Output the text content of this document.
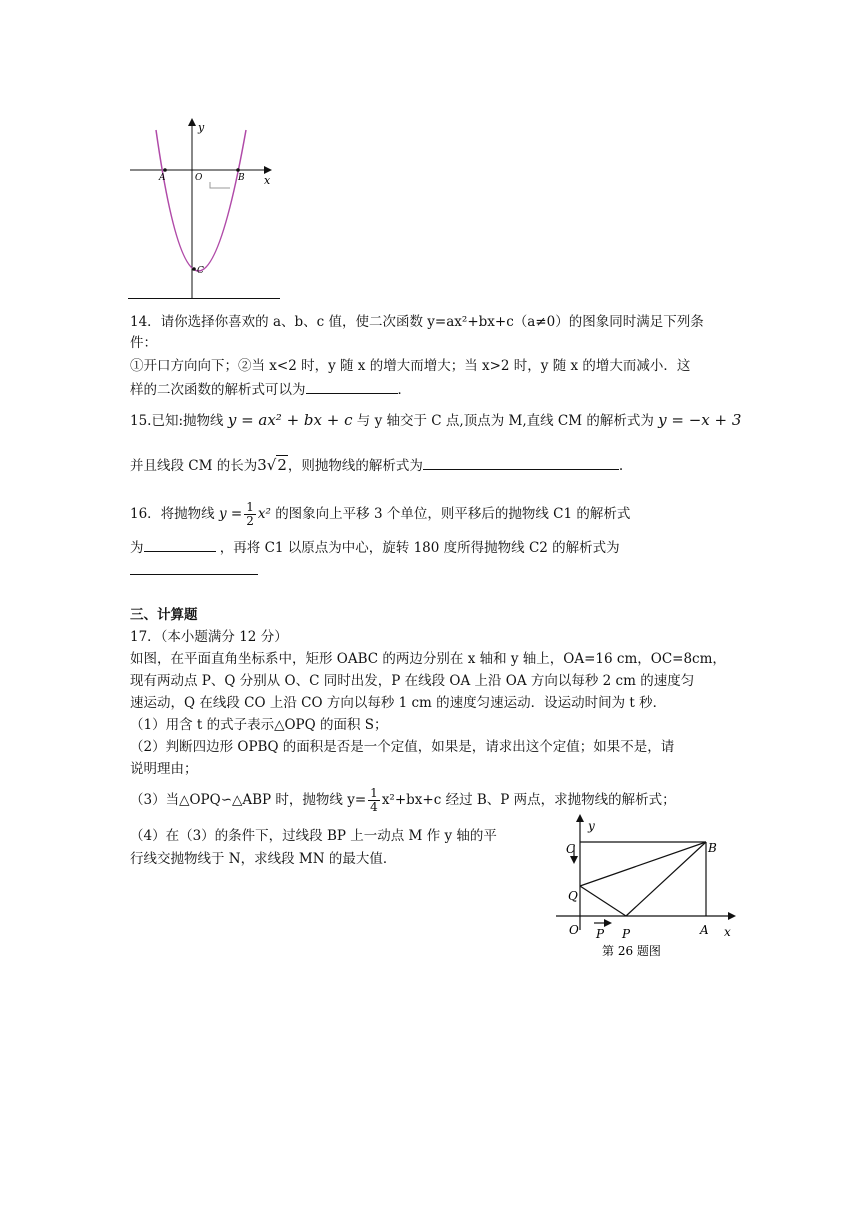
y
x
A	O	B
C
14．请你选择你喜欢的 a、b、c 值，使二次函数 y=ax²+bx+c（a≠0）的图象同时满足下列条
件：
①开口方向向下；②当 x<2 时，y 随 x 的增大而增大；当 x>2 时，y 随 x 的增大而减小．这
样的二次函数的解析式可以为	．
15.已知:抛物线 y = ax² + bx + c 与 y 轴交于 C 点,顶点为 M,直线 CM 的解析式为 y = −x + 3
并且线段 CM 的长为3√2，则抛物线的解析式为	.
16．将抛物线 $y = \frac{1}{2} x^2$ 的图象向上平移 3 个单位，则平移后的抛物线 C1 的解析式
为	，再将 C1 以原点为中心，旋转 180 度所得抛物线 C2 的解析式为
三、计算题
17．（本小题满分 12 分）
如图，在平面直角坐标系中，矩形 OABC 的两边分别在 x 轴和 y 轴上，OA=16 cm，OC=8cm，
现有两动点 P、Q 分别从 O、C 同时出发，P 在线段 OA 上沿 OA 方向以每秒 2 cm 的速度匀
速运动，Q 在线段 CO 上沿 CO 方向以每秒 1 cm 的速度匀速运动．设运动时间为 t 秒．
（1）用含 t 的式子表示△OPQ 的面积 S；
（2）判断四边形 OPBQ 的面积是否是一个定值，如果是，请求出这个定值；如果不是，请
说明理由；
（3）当△OPQ∽△ABP 时，抛物线 $y= \frac{1}{4} x^2+bx+c$ 经过 B、P 两点，求抛物线的解析式；
（4）在（3）的条件下，过线段 BP 上一动点 M 作 y 轴的平
行线交抛物线于 N，求线段 MN 的最大值．
y
x
C	B
Q
O P P	A
第 26 题图
